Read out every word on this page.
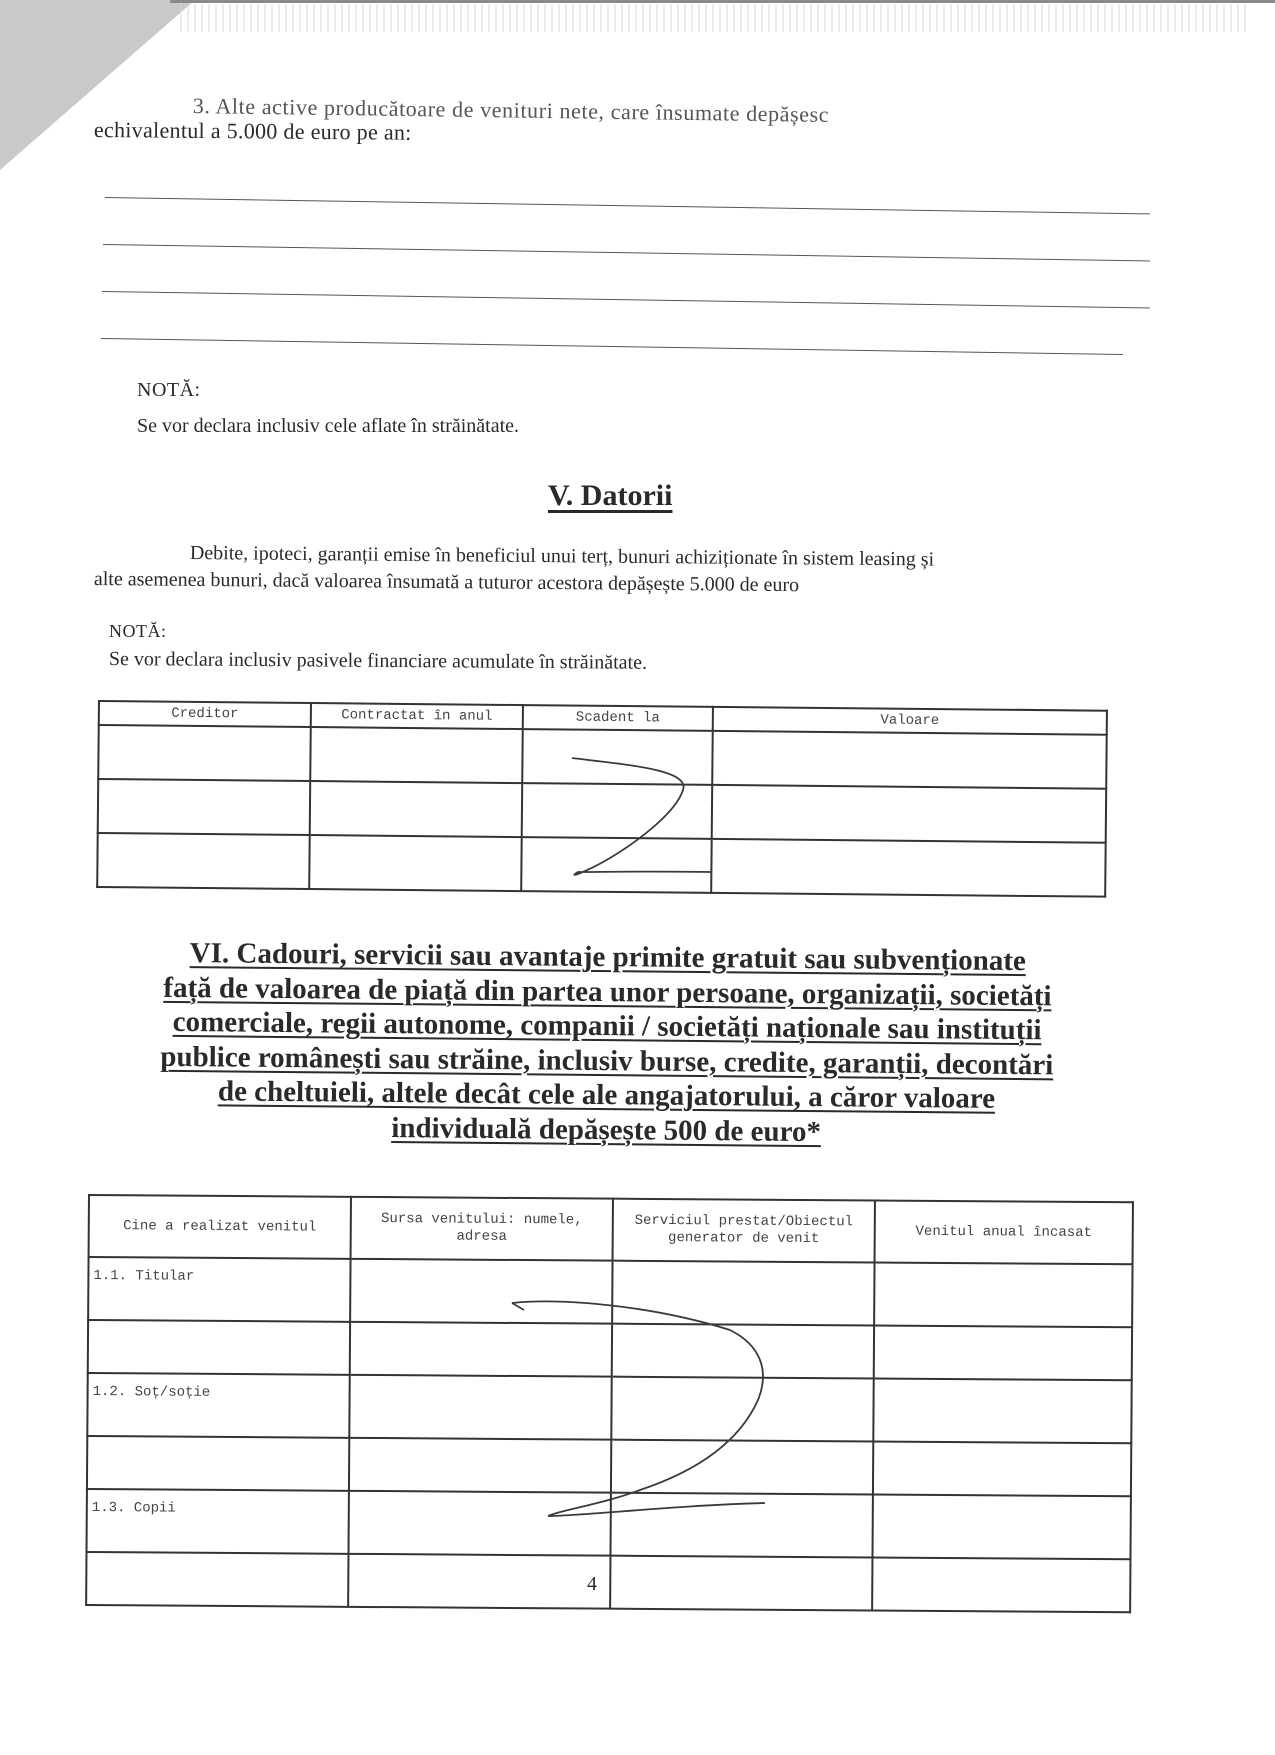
3. Alte active producătoare de venituri nete, care însumate depășesc
echivalentul a 5.000 de euro pe an:
NOTĂ:
Se vor declara inclusiv cele aflate în străinătate.
V. Datorii
Debite, ipoteci, garanții emise în beneficiul unui terț, bunuri achiziționate în sistem leasing și
alte asemenea bunuri, dacă valoarea însumată a tuturor acestora depășește 5.000 de euro
NOTĂ:
Se vor declara inclusiv pasivele financiare acumulate în străinătate.
Creditor	Contractat în anul	Scadent la	Valoare

VI. Cadouri, servicii sau avantaje primite gratuit sau subvenționate
față de valoarea de piață din partea unor persoane, organizații, societăți
comerciale, regii autonome, companii / societăți naționale sau instituții
publice românești sau străine, inclusiv burse, credite, garanții, decontări
de cheltuieli, altele decât cele ale angajatorului, a căror valoare
individuală depășește 500 de euro*
Cine a realizat venitul	Sursa venitului: numele, adresa	Serviciul prestat/Obiectul generator de venit	Venitul anual încasat
1.1. Titular			

1.2. Soț/soție			

1.3. Copii			

4
